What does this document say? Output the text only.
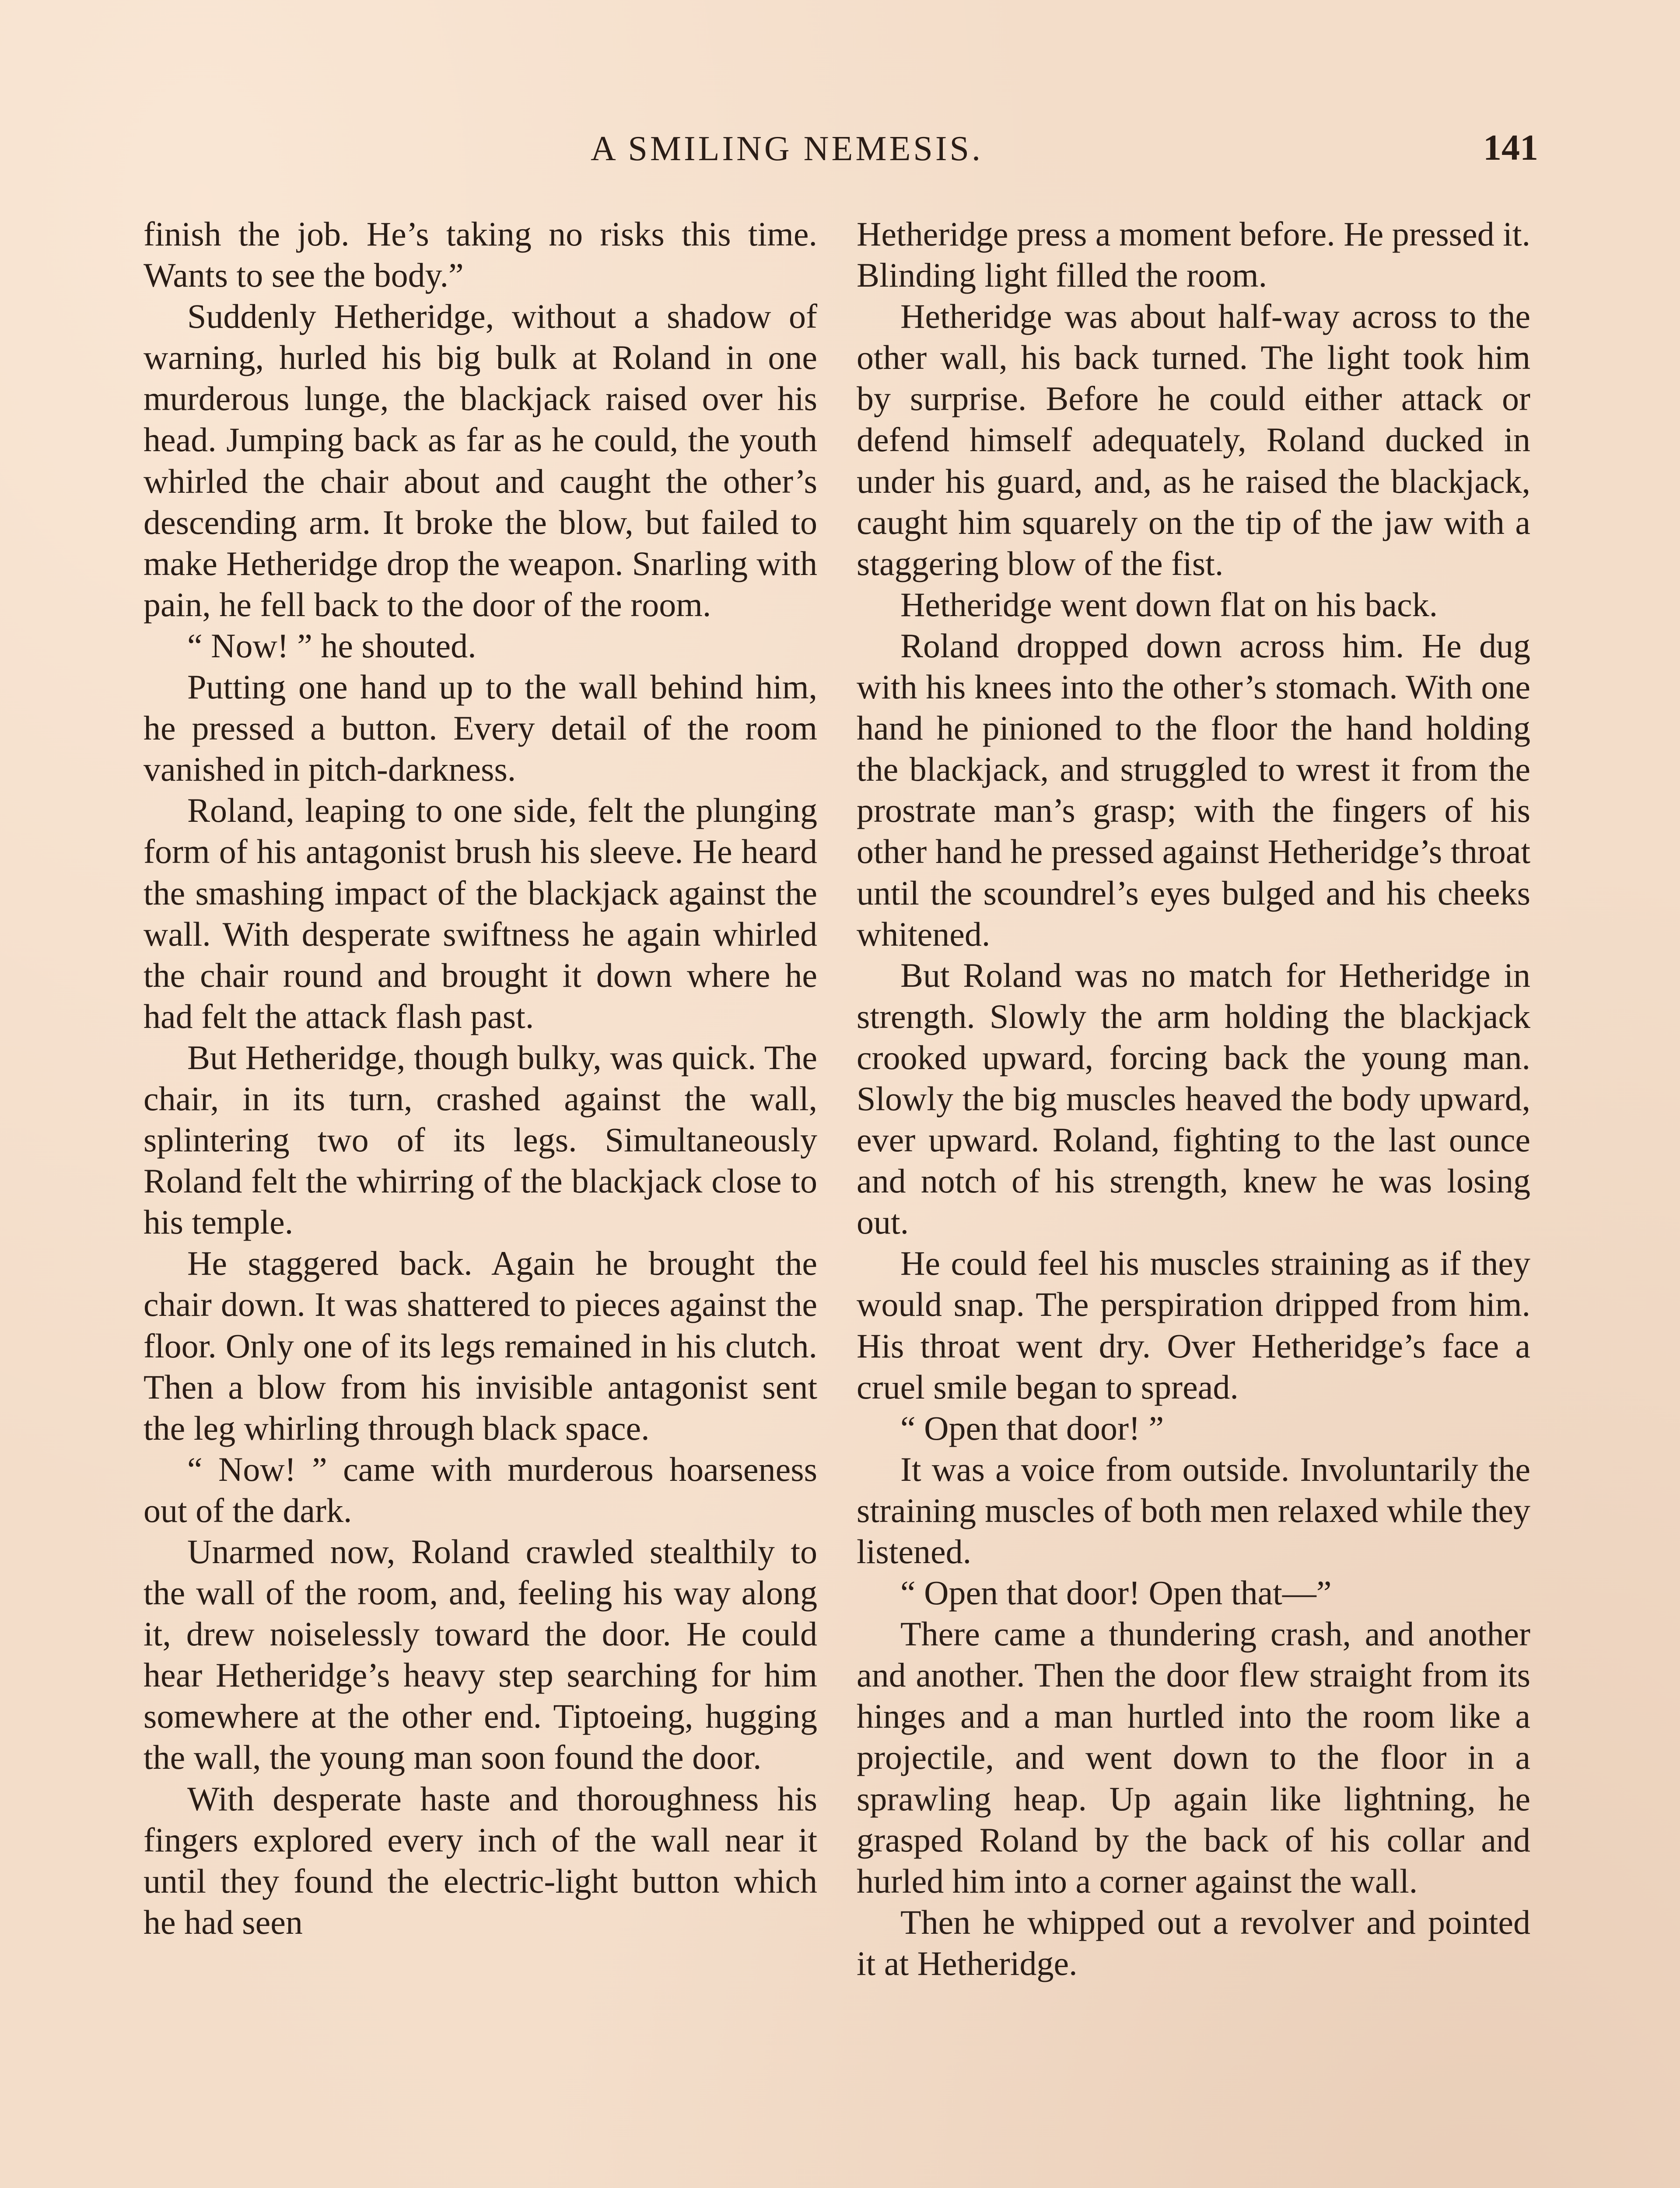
A SMILING NEMESIS.	141

finish the job. He’s taking no risks this time. Wants to see the body.”

Suddenly Hetheridge, without a shadow of warning, hurled his big bulk at Roland in one murderous lunge, the blackjack raised over his head. Jumping back as far as he could, the youth whirled the chair about and caught the other’s descending arm. It broke the blow, but failed to make Hetheridge drop the weapon. Snarling with pain, he fell back to the door of the room.

“ Now! ” he shouted.

Putting one hand up to the wall behind him, he pressed a button. Every detail of the room vanished in pitch-darkness.

Roland, leaping to one side, felt the plunging form of his antagonist brush his sleeve. He heard the smashing impact of the blackjack against the wall. With desperate swiftness he again whirled the chair round and brought it down where he had felt the attack flash past.

But Hetheridge, though bulky, was quick. The chair, in its turn, crashed against the wall, splintering two of its legs. Simultaneously Roland felt the whirring of the blackjack close to his temple.

He staggered back. Again he brought the chair down. It was shattered to pieces against the floor. Only one of its legs remained in his clutch. Then a blow from his invisible antagonist sent the leg whirling through black space.

“ Now! ” came with murderous hoarseness out of the dark.

Unarmed now, Roland crawled stealthily to the wall of the room, and, feeling his way along it, drew noiselessly toward the door. He could hear Hetheridge’s heavy step searching for him somewhere at the other end. Tiptoeing, hugging the wall, the young man soon found the door.

With desperate haste and thoroughness his fingers explored every inch of the wall near it until they found the electric-light button which he had seen

Hetheridge press a moment before. He pressed it. Blinding light filled the room.

Hetheridge was about half-way across to the other wall, his back turned. The light took him by surprise. Before he could either attack or defend himself adequately, Roland ducked in under his guard, and, as he raised the blackjack, caught him squarely on the tip of the jaw with a staggering blow of the fist.

Hetheridge went down flat on his back.

Roland dropped down across him. He dug with his knees into the other’s stomach. With one hand he pinioned to the floor the hand holding the blackjack, and struggled to wrest it from the prostrate man’s grasp; with the fingers of his other hand he pressed against Hetheridge’s throat until the scoundrel’s eyes bulged and his cheeks whitened.

But Roland was no match for Hetheridge in strength. Slowly the arm holding the blackjack crooked upward, forcing back the young man. Slowly the big muscles heaved the body upward, ever upward. Roland, fighting to the last ounce and notch of his strength, knew he was losing out.

He could feel his muscles straining as if they would snap. The perspiration dripped from him. His throat went dry. Over Hetheridge’s face a cruel smile began to spread.

“ Open that door! ”

It was a voice from outside. Involuntarily the straining muscles of both men relaxed while they listened.

“ Open that door! Open that—”

There came a thundering crash, and another and another. Then the door flew straight from its hinges and a man hurtled into the room like a projectile, and went down to the floor in a sprawling heap. Up again like lightning, he grasped Roland by the back of his collar and hurled him into a corner against the wall.

Then he whipped out a revolver and pointed it at Hetheridge.
